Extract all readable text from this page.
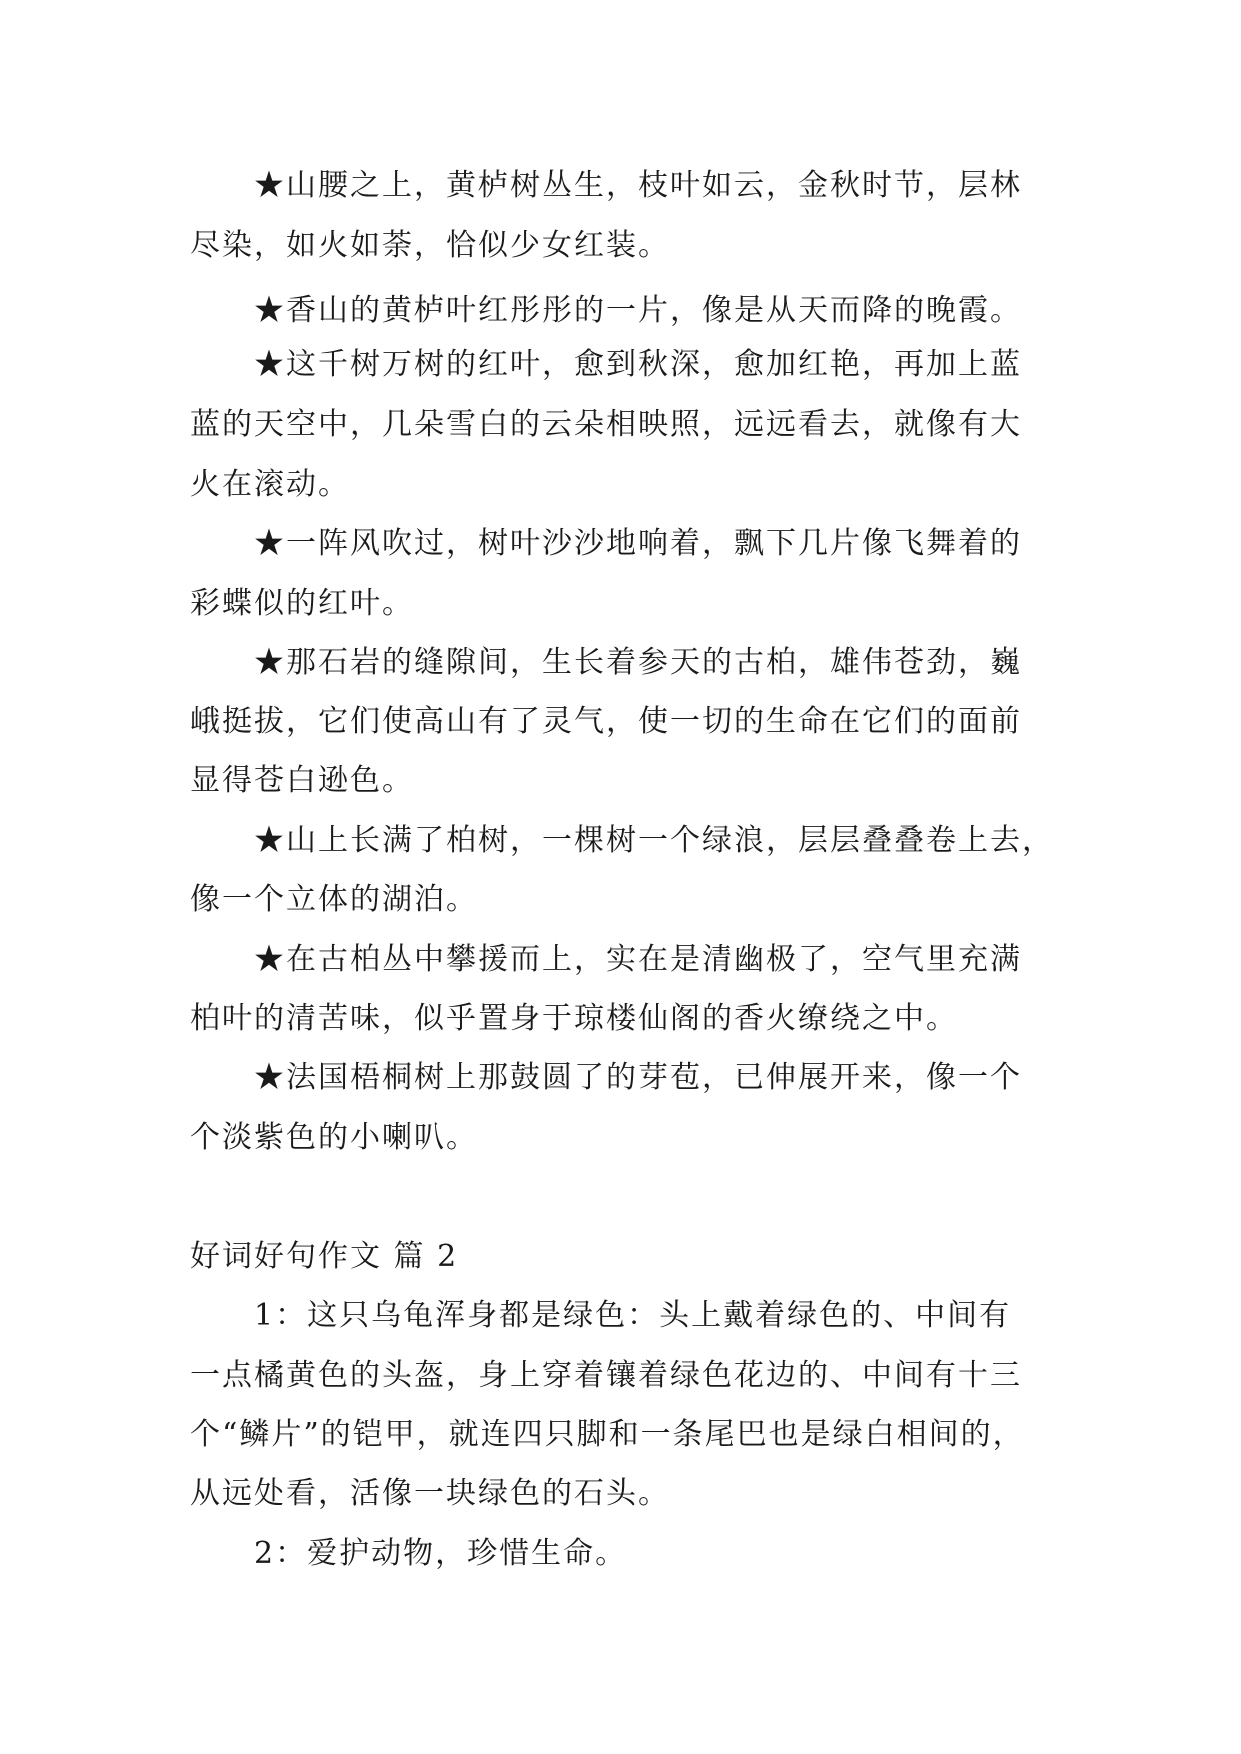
★山腰之上，黄栌树丛生，枝叶如云，金秋时节，层林
尽染，如火如荼，恰似少女红装。
★香山的黄栌叶红彤彤的一片，像是从天而降的晚霞。
★这千树万树的红叶，愈到秋深，愈加红艳，再加上蓝
蓝的天空中，几朵雪白的云朵相映照，远远看去，就像有大
火在滚动。
★一阵风吹过，树叶沙沙地响着，飘下几片像飞舞着的
彩蝶似的红叶。
★那石岩的缝隙间，生长着参天的古柏，雄伟苍劲，巍
峨挺拔，它们使高山有了灵气，使一切的生命在它们的面前
显得苍白逊色。
★山上长满了柏树，一棵树一个绿浪，层层叠叠卷上去，
像一个立体的湖泊。
★在古柏丛中攀援而上，实在是清幽极了，空气里充满
柏叶的清苦味，似乎置身于琼楼仙阁的香火缭绕之中。
★法国梧桐树上那鼓圆了的芽苞，已伸展开来，像一个
个淡紫色的小喇叭。
好词好句作文 篇 2
1：这只乌龟浑身都是绿色：头上戴着绿色的、中间有
一点橘黄色的头盔，身上穿着镶着绿色花边的、中间有十三
个“鳞片”的铠甲，就连四只脚和一条尾巴也是绿白相间的，
从远处看，活像一块绿色的石头。
2：爱护动物，珍惜生命。
